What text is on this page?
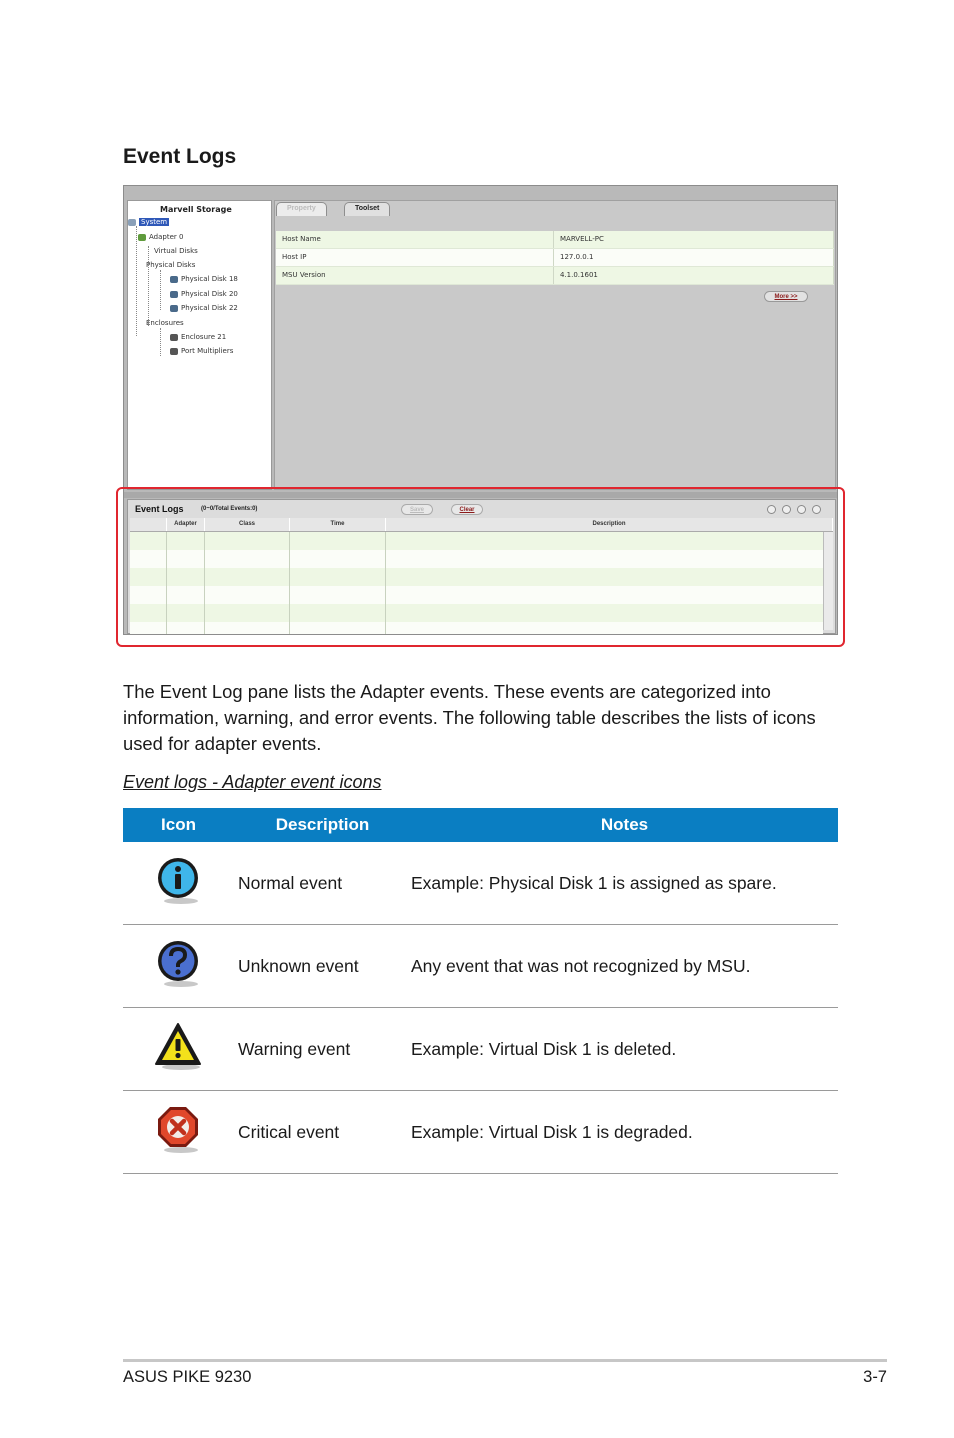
Event Logs
Marvell Storage
System
Adapter 0
Virtual Disks
Physical Disks
Physical Disk 18
Physical Disk 20
Physical Disk 22
Enclosures
Enclosure 21
Port Multipliers
Property	Toolset
Host Name	MARVELL-PC
Host IP	127.0.0.1
MSU Version	4.1.0.1601
More >>
Event Logs	(0~0/Total Events:0)	Save	Clear
Adapter	Class	Time	Description
The Event Log pane lists the Adapter events. These events are categorized into information, warning, and error events. The following table describes the lists of icons used for adapter events.
Event logs - Adapter event icons
Icon	Description	Notes
	Normal event	Example: Physical Disk 1 is assigned as spare.
	Unknown event	Any event that was not recognized by MSU.
	Warning event	Example: Virtual Disk 1 is deleted.
	Critical event	Example: Virtual Disk 1 is degraded.
ASUS PIKE 9230	3-7
